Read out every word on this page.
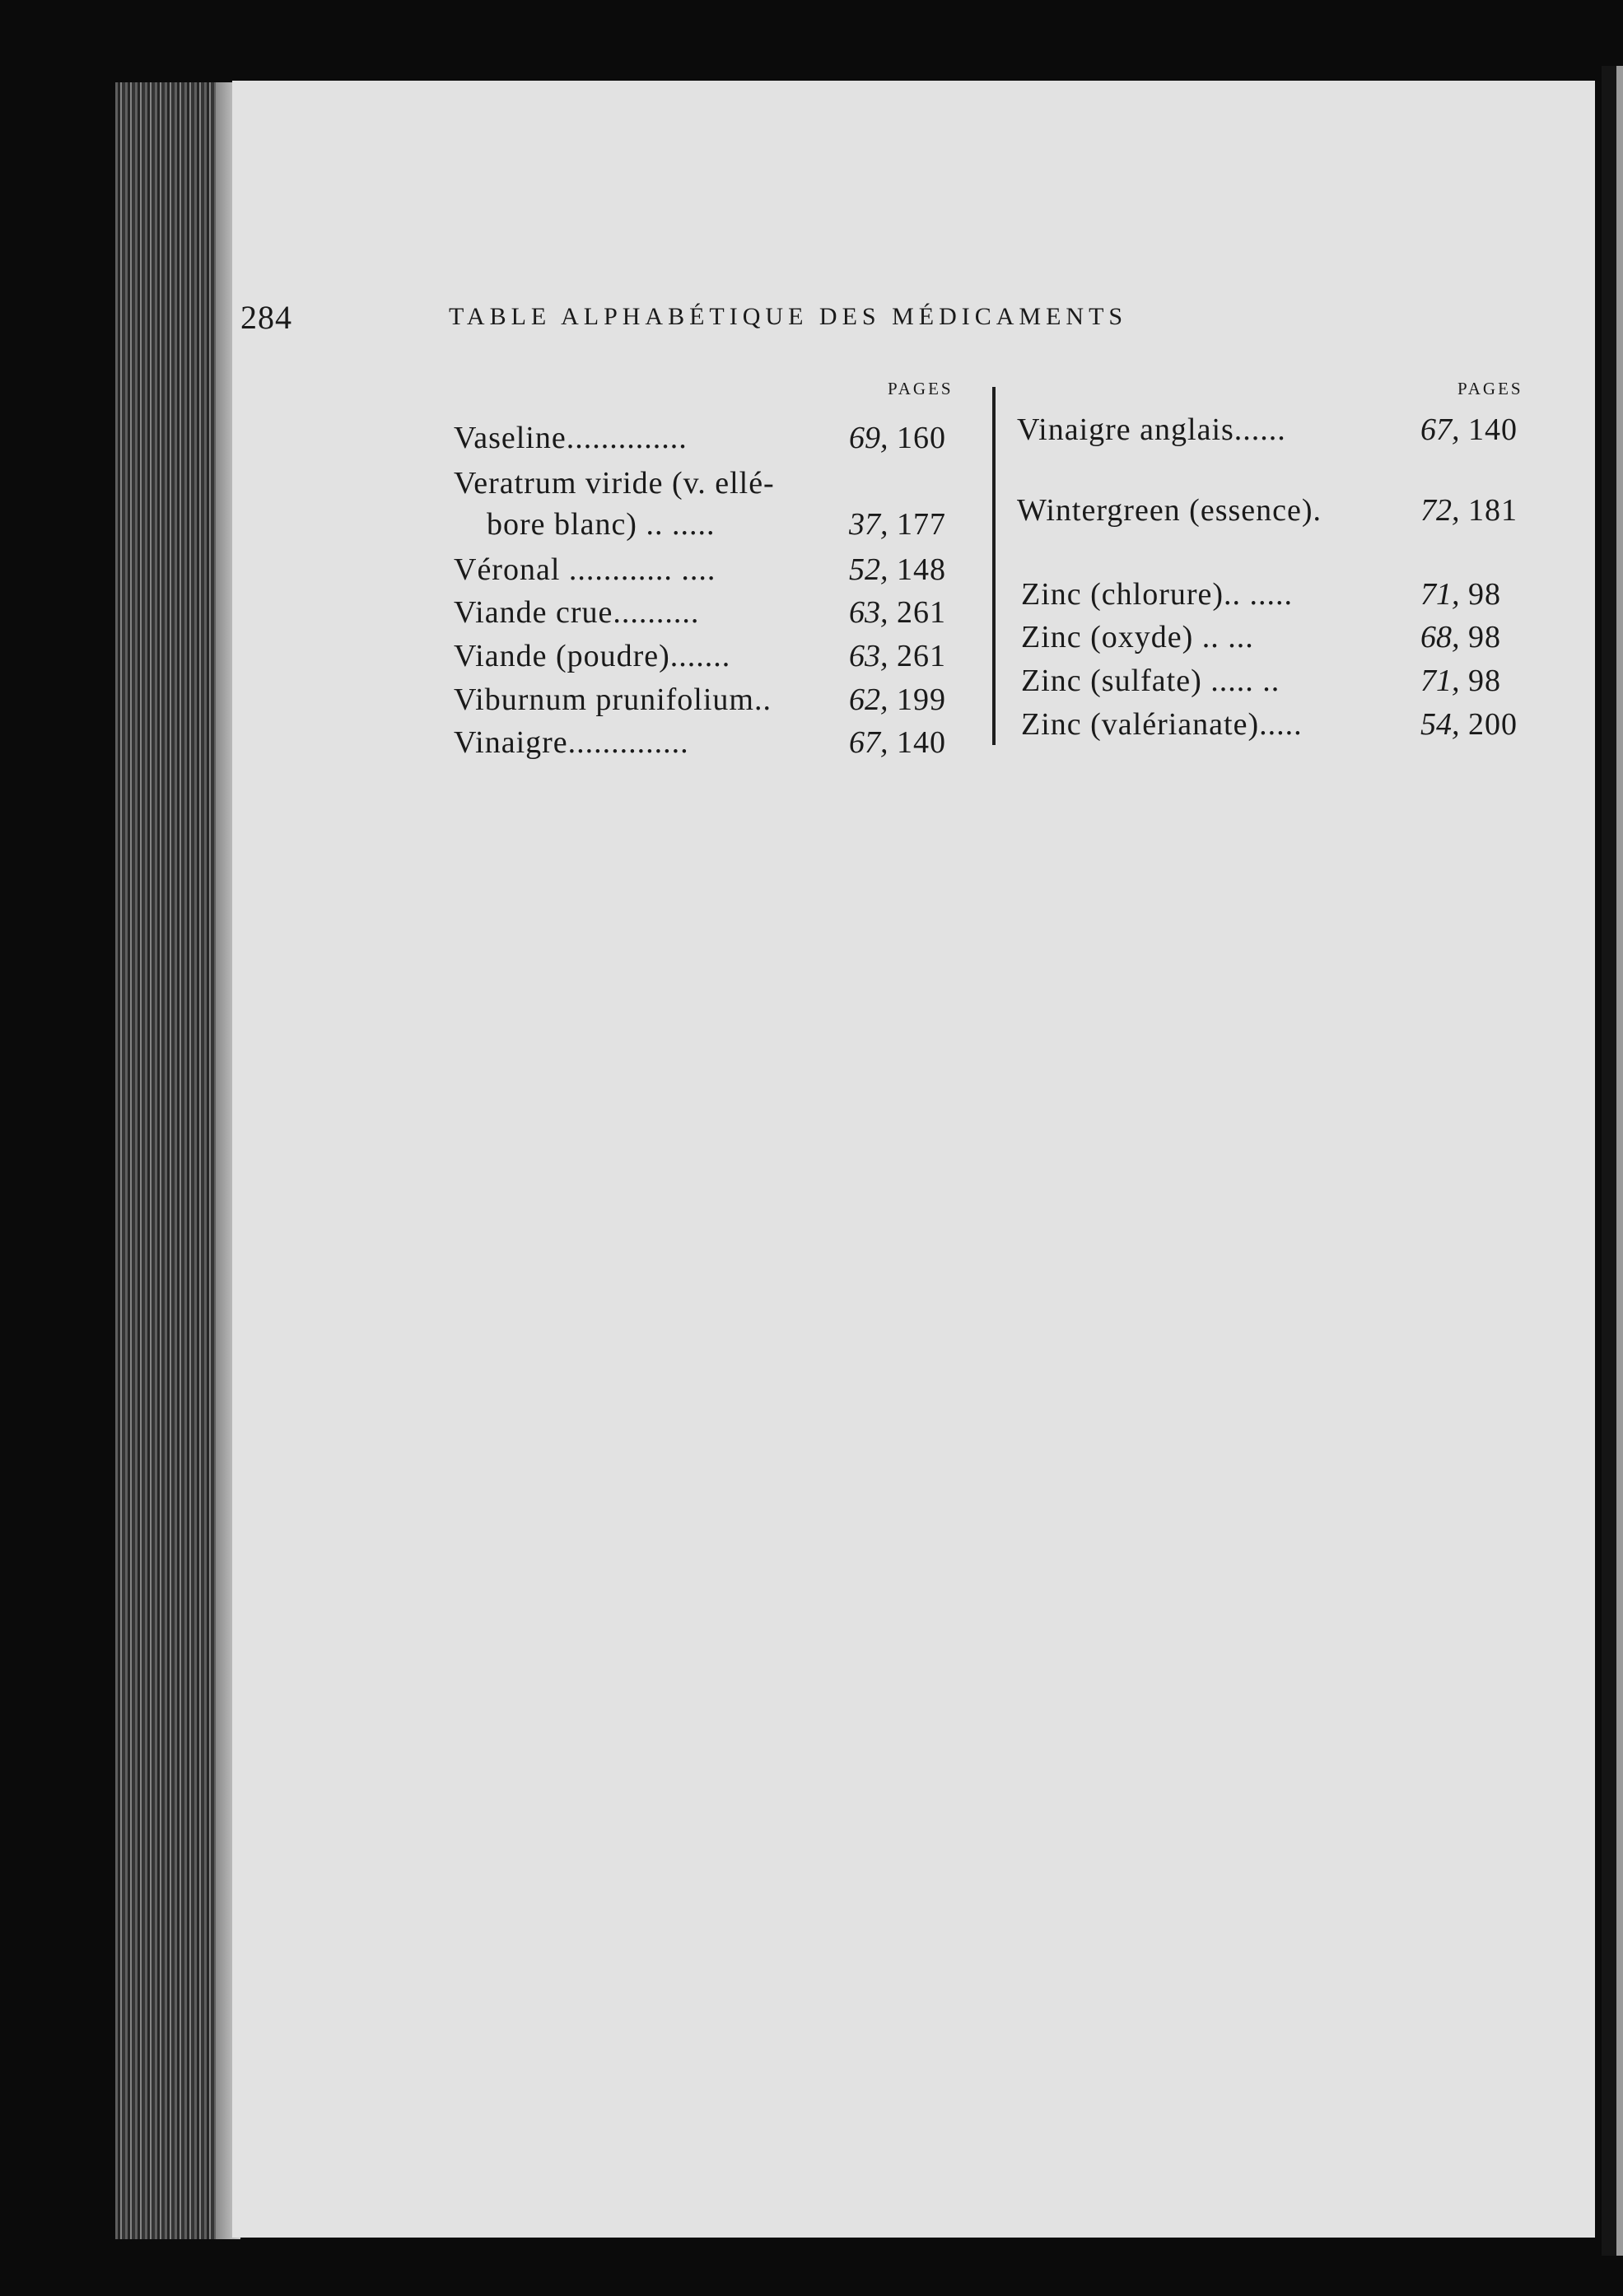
284	TABLE ALPHABÉTIQUE DES MÉDICAMENTS
PAGES
Vaseline..............	69, 160
Veratrum viride (v. ellé-
bore blanc) .. .....	37, 177
Véronal ............ ....	52, 148
Viande crue..........	63, 261
Viande (poudre).......	63, 261
Viburnum prunifolium.. 62, 199
Vinaigre..............	67, 140
PAGES
Vinaigre anglais......	67, 140
Wintergreen (essence).	72, 181
Zinc (chlorure).. .....	71, 98
Zinc (oxyde) .. ...	68, 98
Zinc (sulfate) ..... ..	71, 98
Zinc (valérianate).....	54, 200
